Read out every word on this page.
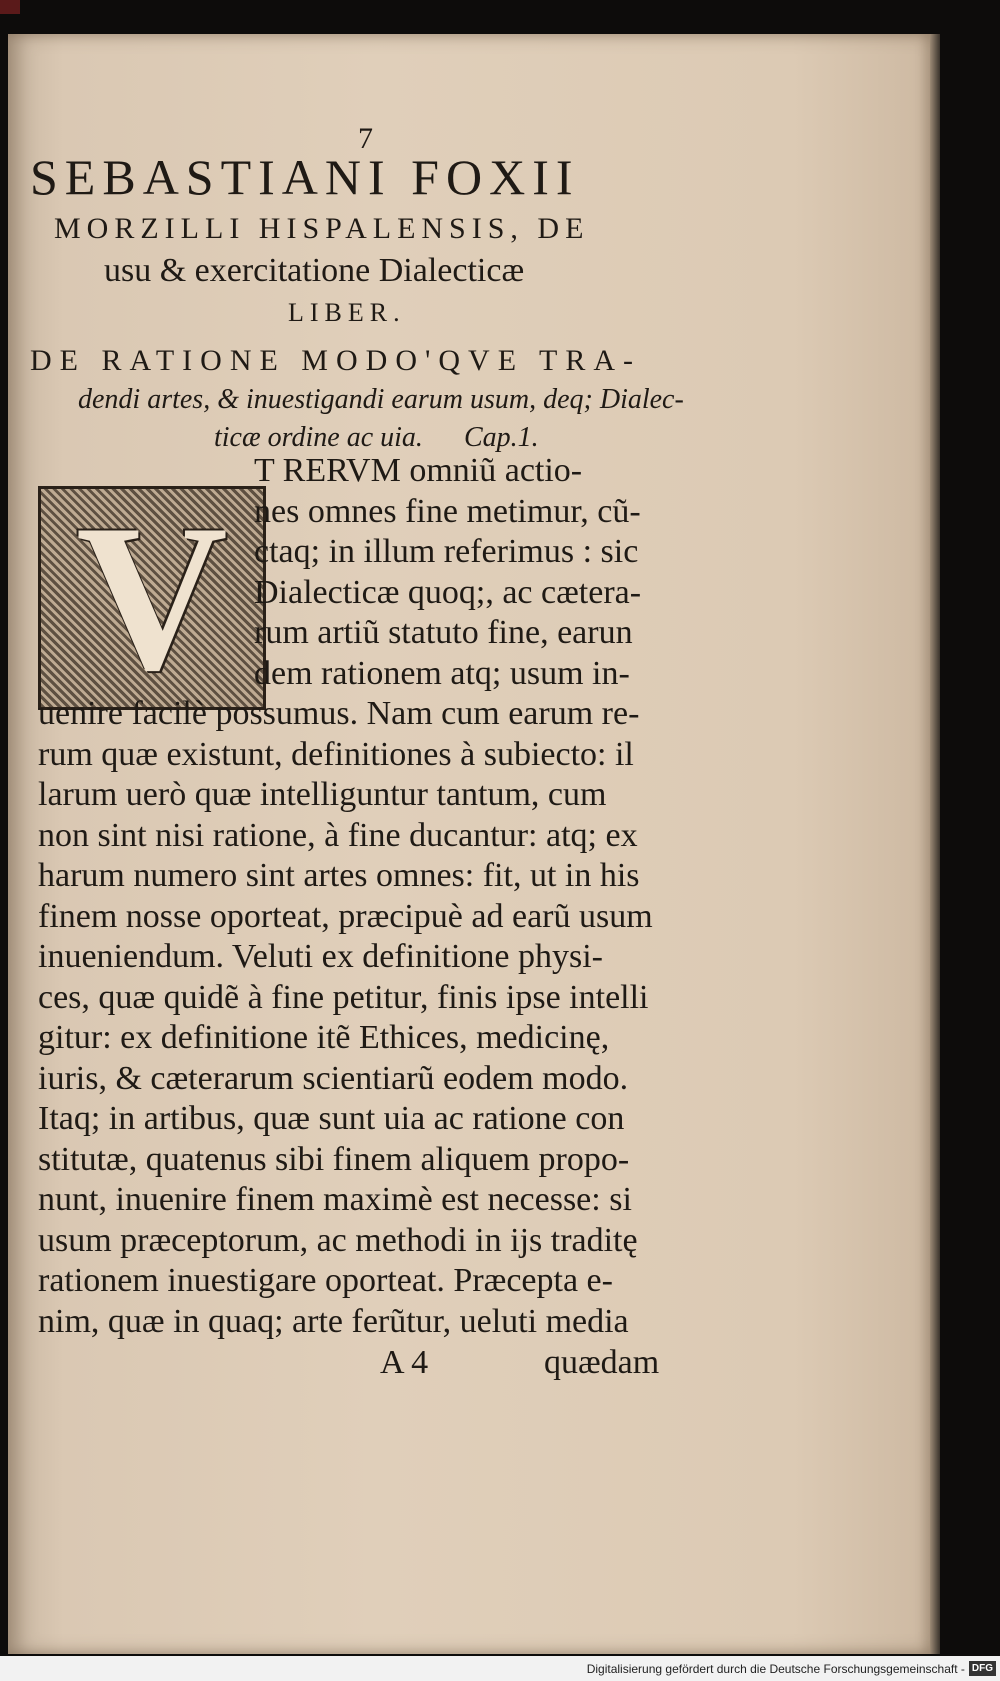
7
SEBASTIANI FOXII
MORZILLI HISPALENSIS, DE
usu & exercitatione Dialecticæ
LIBER.
DE RATIONE MODO'QVE TRA-
dendi artes, & inuestigandi earum usum, deq; Dialec-
ticæ ordine ac uia. Cap.1.
V
T RERVM omniũ actio-
nes omnes fine metimur, cũ-
ctaq; in illum referimus : sic
Dialecticæ quoq;, ac cætera-
rum artiũ statuto fine, earun
dem rationem atq; usum in-
uenire facilè possumus. Nam cum earum re-
rum quæ existunt, definitiones à subiecto: il
larum uerò quæ intelliguntur tantum, cum
non sint nisi ratione, à fine ducantur: atq; ex
harum numero sint artes omnes: fit, ut in his
finem nosse oporteat, præcipuè ad earũ usum
inueniendum. Veluti ex definitione physi-
ces, quæ quidẽ à fine petitur, finis ipse intelli
gitur: ex definitione itẽ Ethices, medicinę,
iuris, & cæterarum scientiarũ eodem modo.
Itaq; in artibus, quæ sunt uia ac ratione con
stitutæ, quatenus sibi finem aliquem propo-
nunt, inuenire finem maximè est necesse: si
usum præceptorum, ac methodi in ijs traditę
rationem inuestigare oporteat. Præcepta e-
nim, quæ in quaq; arte ferũtur, ueluti media
A 4	quædam
Digitalisierung gefördert durch die Deutsche Forschungsgemeinschaft - DFG
